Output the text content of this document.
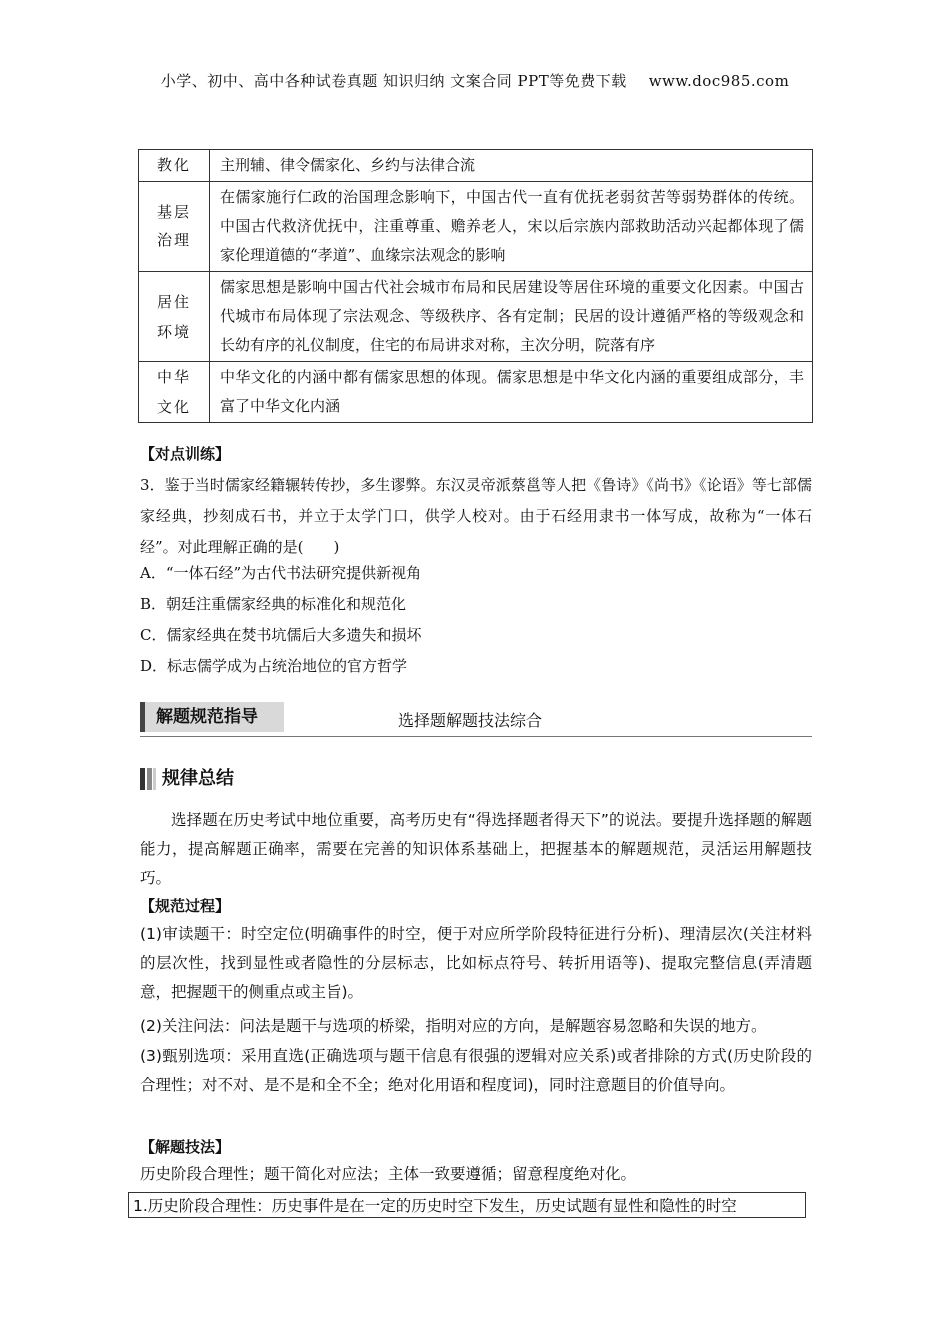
小学、初中、高中各种试卷真题 知识归纳 文案合同 PPT等免费下载 www.doc985.com
教化	主刑辅、律令儒家化、乡约与法律合流
基层治理	在儒家施行仁政的治国理念影响下，中国古代一直有优抚老弱贫苦等弱势群体的传统。中国古代救济优抚中，注重尊重、赡养老人，宋以后宗族内部救助活动兴起都体现了儒家伦理道德的“孝道”、血缘宗法观念的影响
居住环境	儒家思想是影响中国古代社会城市布局和民居建设等居住环境的重要文化因素。中国古代城市布局体现了宗法观念、等级秩序、各有定制；民居的设计遵循严格的等级观念和长幼有序的礼仪制度，住宅的布局讲求对称，主次分明，院落有序
中华文化	中华文化的内涵中都有儒家思想的体现。儒家思想是中华文化内涵的重要组成部分，丰富了中华文化内涵
【对点训练】
3．鉴于当时儒家经籍辗转传抄，多生谬弊。东汉灵帝派蔡邕等人把《鲁诗》《尚书》《论语》等七部儒家经典，抄刻成石书，并立于太学门口，供学人校对。由于石经用隶书一体写成，故称为“一体石经”。对此理解正确的是(　　)
A．“一体石经”为古代书法研究提供新视角
B．朝廷注重儒家经典的标准化和规范化
C．儒家经典在焚书坑儒后大多遗失和损坏
D．标志儒学成为占统治地位的官方哲学
解题规范指导	选择题解题技法综合
规律总结
选择题在历史考试中地位重要，高考历史有“得选择题者得天下”的说法。要提升选择题的解题能力，提高解题正确率，需要在完善的知识体系基础上，把握基本的解题规范，灵活运用解题技巧。
【规范过程】
(1)审读题干：时空定位(明确事件的时空，便于对应所学阶段特征进行分析)、理清层次(关注材料的层次性，找到显性或者隐性的分层标志，比如标点符号、转折用语等)、提取完整信息(弄清题意，把握题干的侧重点或主旨)。
(2)关注问法：问法是题干与选项的桥梁，指明对应的方向，是解题容易忽略和失误的地方。
(3)甄别选项：采用直选(正确选项与题干信息有很强的逻辑对应关系)或者排除的方式(历史阶段的合理性；对不对、是不是和全不全；绝对化用语和程度词)，同时注意题目的价值导向。
【解题技法】
历史阶段合理性；题干简化对应法；主体一致要遵循；留意程度绝对化。
1.历史阶段合理性：历史事件是在一定的历史时空下发生，历史试题有显性和隐性的时空
